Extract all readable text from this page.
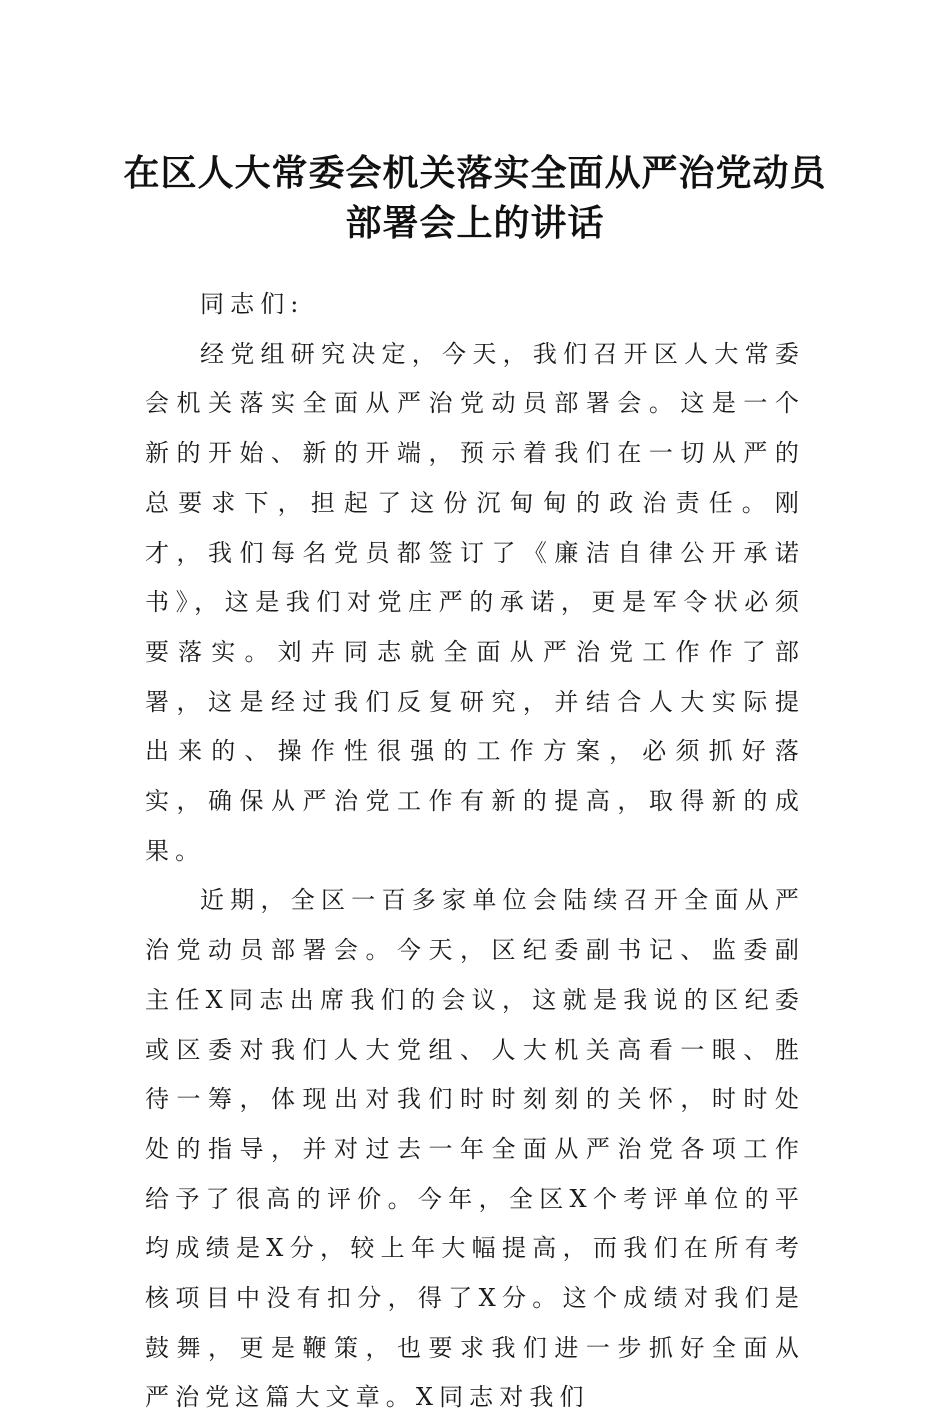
在区人大常委会机关落实全面从严治党动员部署会上的讲话

同志们:

经党组研究决定，今天，我们召开区人大常委会机关落实全面从严治党动员部署会。这是一个新的开始、新的开端，预示着我们在一切从严的总要求下，担起了这份沉甸甸的政治责任。刚才，我们每名党员都签订了《廉洁自律公开承诺书》，这是我们对党庄严的承诺，更是军令状必须要落实。刘卉同志就全面从严治党工作作了部署，这是经过我们反复研究，并结合人大实际提出来的、操作性很强的工作方案，必须抓好落实，确保从严治党工作有新的提高，取得新的成果。

近期，全区一百多家单位会陆续召开全面从严治党动员部署会。今天，区纪委副书记、监委副主任X同志出席我们的会议，这就是我说的区纪委或区委对我们人大党组、人大机关高看一眼、胜待一筹，体现出对我们时时刻刻的关怀，时时处处的指导，并对过去一年全面从严治党各项工作给予了很高的评价。今年，全区X个考评单位的平均成绩是X分，较上年大幅提高，而我们在所有考核项目中没有扣分，得了X分。这个成绩对我们是鼓舞，更是鞭策，也要求我们进一步抓好全面从严治党这篇大文章。X同志对我们
